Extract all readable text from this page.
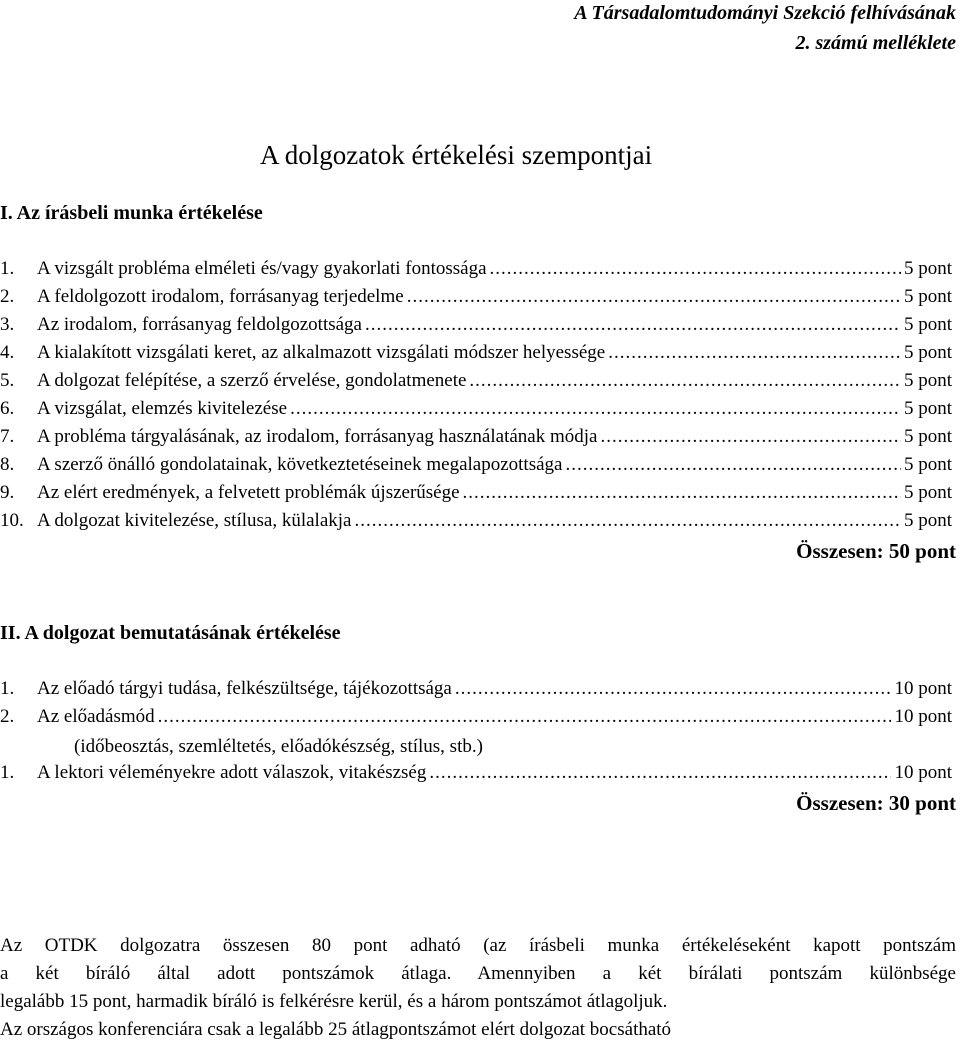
A Társadalomtudományi Szekció felhívásának
2. számú melléklete
A dolgozatok értékelési szempontjai
I. Az írásbeli munka értékelése
1.	A vizsgált probléma elméleti és/vagy gyakorlati fontossága .....	5 pont
2.	A feldolgozott irodalom, forrásanyag terjedelme .....	5 pont
3.	Az irodalom, forrásanyag feldolgozottsága .....	5 pont
4.	A kialakított vizsgálati keret, az alkalmazott vizsgálati módszer helyessége .....	5 pont
5.	A dolgozat felépítése, a szerző érvelése, gondolatmenete .....	5 pont
6.	A vizsgálat, elemzés kivitelezése .....	5 pont
7.	A probléma tárgyalásának, az irodalom, forrásanyag használatának módja .....	5 pont
8.	A szerző önálló gondolatainak, következtetéseinek megalapozottsága .....	5 pont
9.	Az elért eredmények, a felvetett problémák újszerűsége .....	5 pont
10. A dolgozat kivitelezése, stílusa, külalakja .....	5 pont
Összesen: 50 pont
II. A dolgozat bemutatásának értékelése
1.	Az előadó tárgyi tudása, felkészültsége, tájékozottsága .....	10 pont
2.	Az előadásmód .....	10 pont
(időbeosztás, szemléltetés, előadókészség, stílus, stb.)
1.	A lektori véleményekre adott válaszok, vitakészség .....	10 pont
Összesen: 30 pont
Az OTDK dolgozatra összesen 80 pont adható (az írásbeli munka értékeléseként kapott pontszám
a két bíráló által adott pontszámok átlaga. Amennyiben a két bírálati pontszám különbsége
legalább 15 pont, harmadik bíráló is felkérésre kerül, és a három pontszámot átlagoljuk.
Az országos konferenciára csak a legalább 25 átlagpontszámot elért dolgozat bocsátható
